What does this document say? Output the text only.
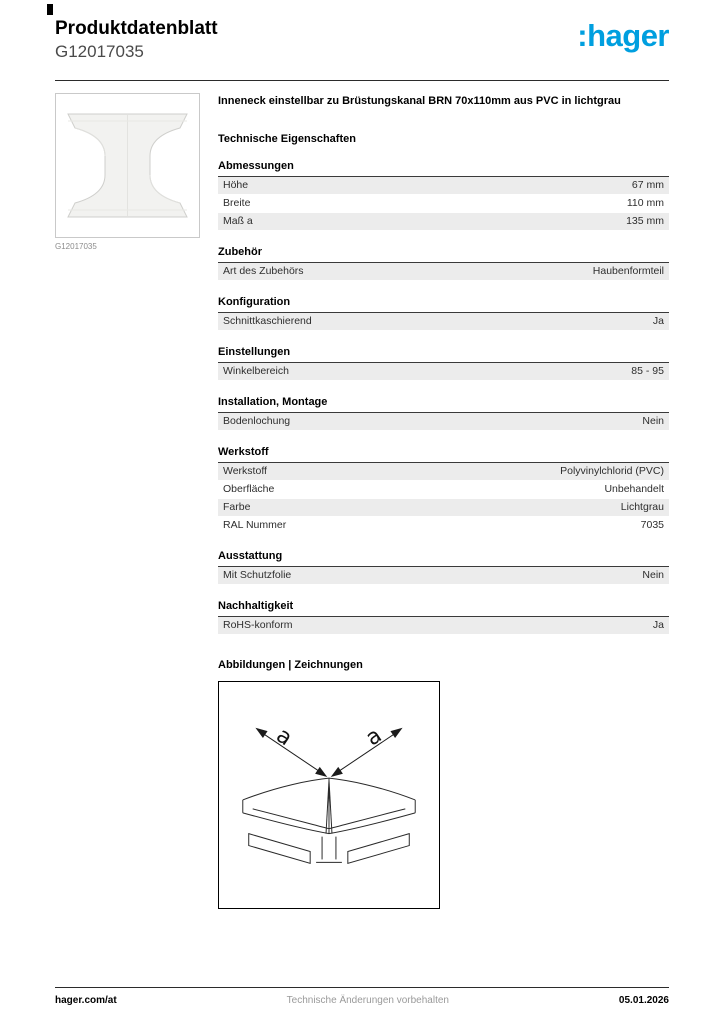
Produktdatenblatt
G12017035	:hager
G12017035
Inneneck einstellbar zu Brüstungskanal BRN 70x110mm aus PVC in lichtgrau
Technische Eigenschaften
Abmessungen
Höhe	67 mm
Breite	110 mm
Maß a	135 mm
Zubehör
Art des Zubehörs	Haubenformteil
Konfiguration
Schnittkaschierend	Ja
Einstellungen
Winkelbereich	85 - 95
Installation, Montage
Bodenlochung	Nein
Werkstoff
Werkstoff	Polyvinylchlorid (PVC)
Oberfläche	Unbehandelt
Farbe	Lichtgrau
RAL Nummer	7035
Ausstattung
Mit Schutzfolie	Nein
Nachhaltigkeit
RoHS-konform	Ja
Abbildungen | Zeichnungen
a	a
hager.com/at	Technische Änderungen vorbehalten	05.01.2026
